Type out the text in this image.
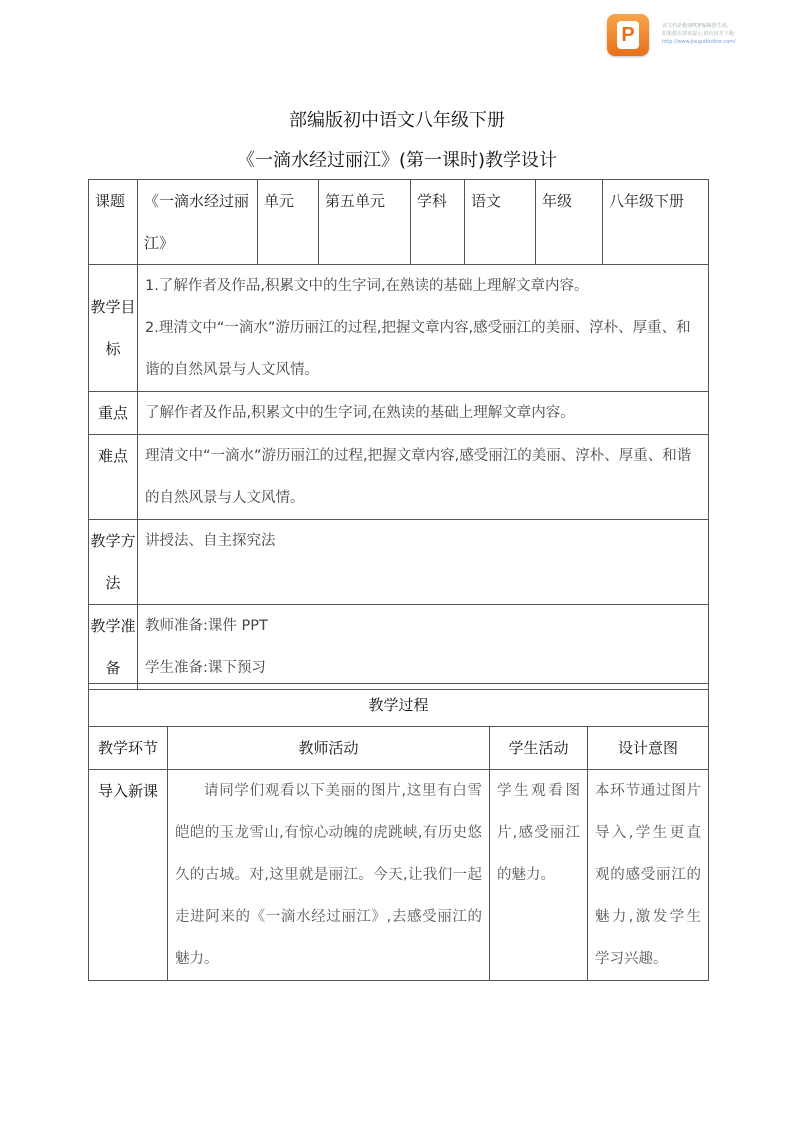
P	该文档是极速PDF编辑器生成,
如果想去掉该提示,请访问并下载:
http://www.jisupdfeditor.com/
部编版初中语文八年级下册
《一滴水经过丽江》(第一课时)教学设计
课题	《一滴水经过丽江》	单元	第五单元	学科	语文	年级	八年级下册

教学目标	1.了解作者及作品,积累文中的生字词,在熟读的基础上理解文章内容。
2.理清文中“一滴水”游历丽江的过程,把握文章内容,感受丽江的美丽、淳朴、厚重、和谐的自然风景与人文风情。						

重点	了解作者及作品,积累文中的生字词,在熟读的基础上理解文章内容。						

难点	理清文中“一滴水”游历丽江的过程,把握文章内容,感受丽江的美丽、淳朴、厚重、和谐的自然风景与人文风情。						

教学方法	讲授法、自主探究法						

教学准备	教师准备:课件 PPT
学生准备:课下预习						
教学过程			

教学环节	教师活动	学生活动	设计意图

导入新课	请同学们观看以下美丽的图片,这里有白雪皑皑的玉龙雪山,有惊心动魄的虎跳峡,有历史悠久的古城。对,这里就是丽江。今天,让我们一起走进阿来的《一滴水经过丽江》,去感受丽江的魅力。	学生观看图片,感受丽江的魅力。	本环节通过图片导入,学生更直观的感受丽江的魅力,激发学生学习兴趣。
